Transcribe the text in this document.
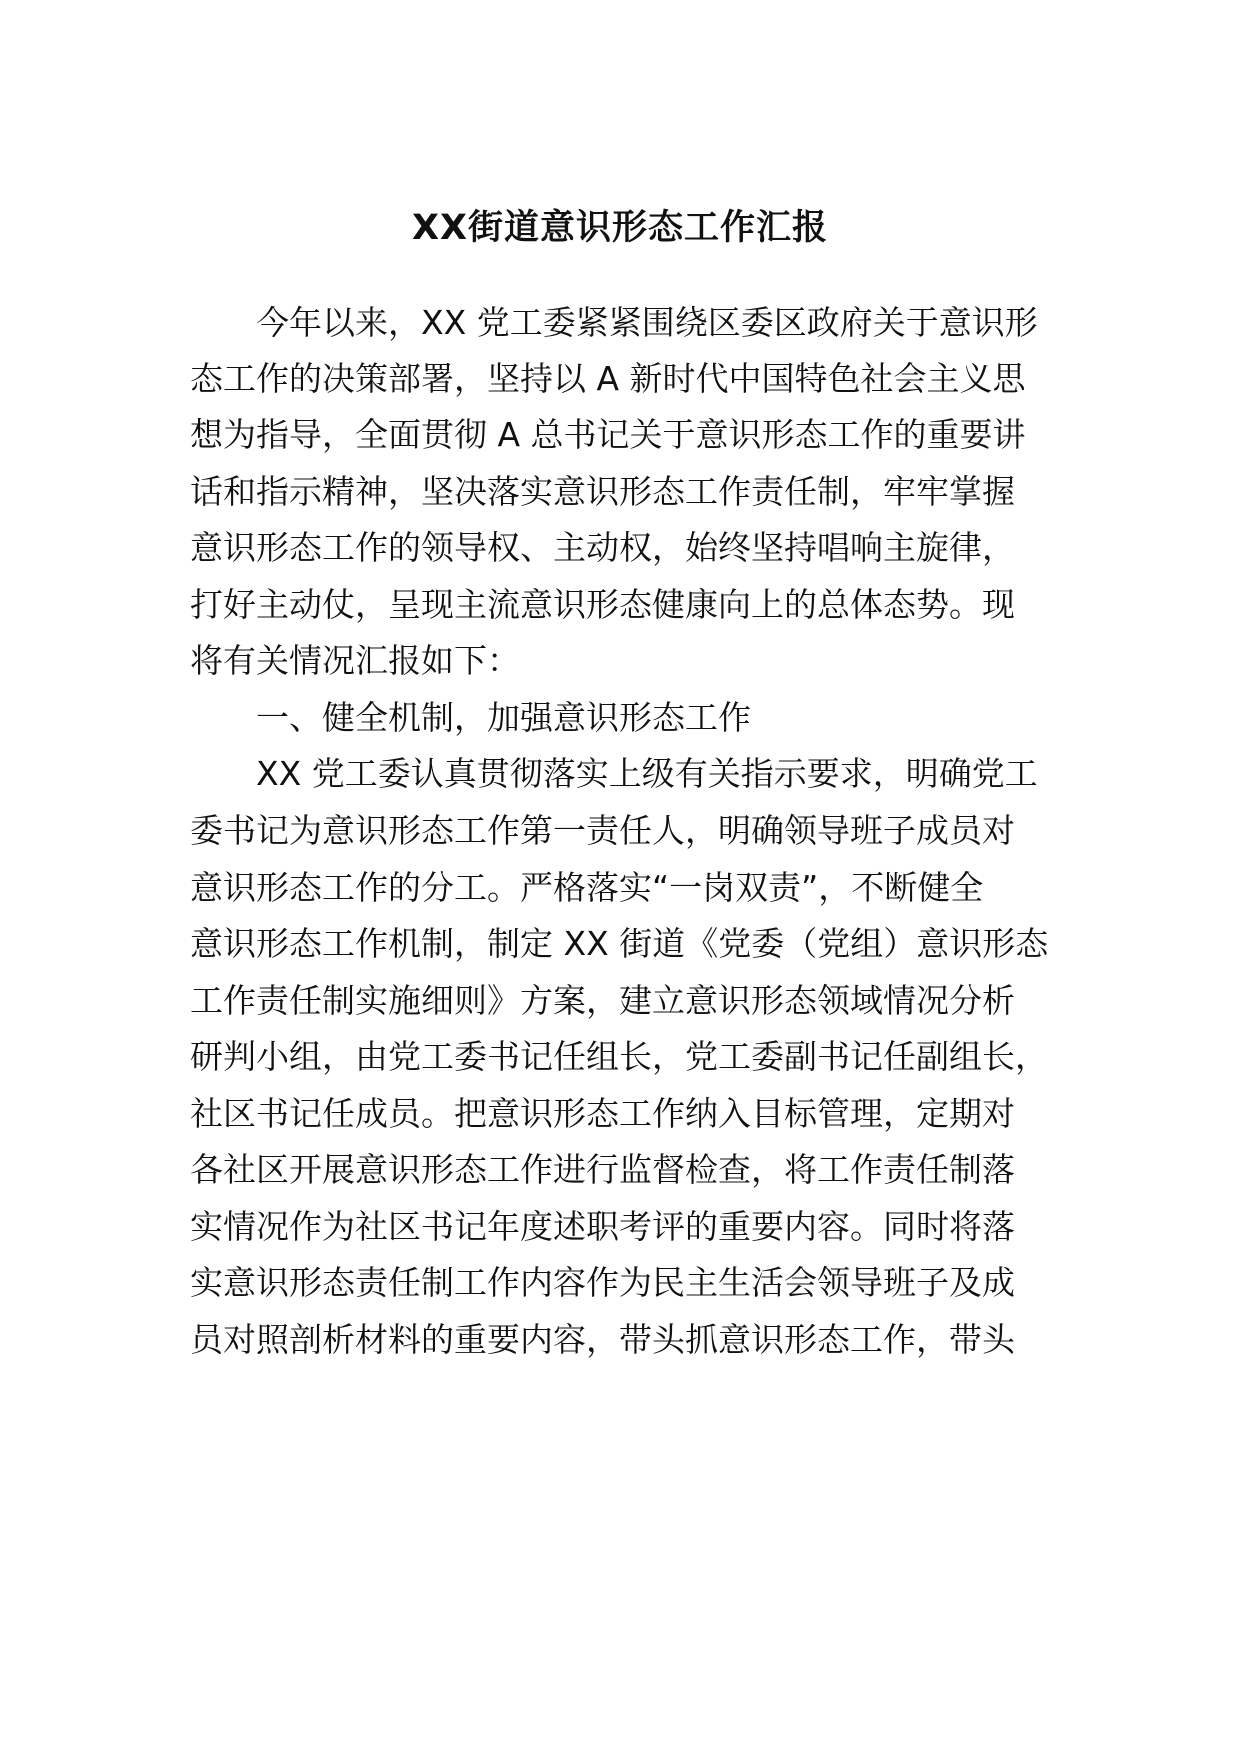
XX街道意识形态工作汇报
今年以来，XX 党工委紧紧围绕区委区政府关于意识形
态工作的决策部署，坚持以 A 新时代中国特色社会主义思
想为指导，全面贯彻 A 总书记关于意识形态工作的重要讲
话和指示精神，坚决落实意识形态工作责任制，牢牢掌握
意识形态工作的领导权、主动权，始终坚持唱响主旋律，
打好主动仗，呈现主流意识形态健康向上的总体态势。现
将有关情况汇报如下：
一、健全机制，加强意识形态工作
XX 党工委认真贯彻落实上级有关指示要求，明确党工
委书记为意识形态工作第一责任人，明确领导班子成员对
意识形态工作的分工。严格落实“一岗双责”，不断健全
意识形态工作机制，制定 XX 街道《党委（党组）意识形态
工作责任制实施细则》方案，建立意识形态领域情况分析
研判小组，由党工委书记任组长，党工委副书记任副组长，
社区书记任成员。把意识形态工作纳入目标管理，定期对
各社区开展意识形态工作进行监督检查，将工作责任制落
实情况作为社区书记年度述职考评的重要内容。同时将落
实意识形态责任制工作内容作为民主生活会领导班子及成
员对照剖析材料的重要内容，带头抓意识形态工作，带头
